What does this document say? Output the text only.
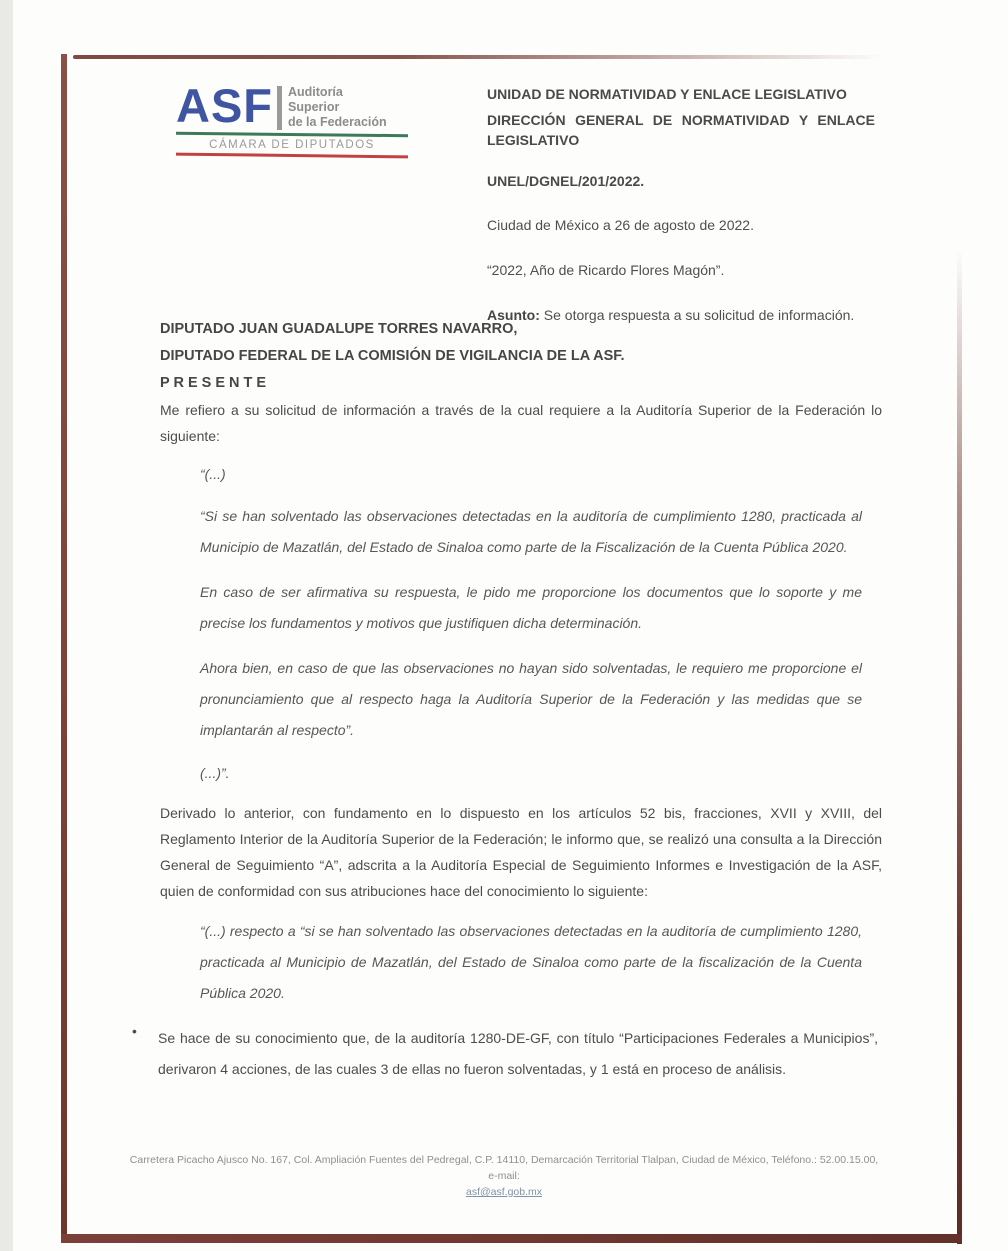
ASF Auditoría
Superior
de la Federación
CÁMARA DE DIPUTADOS
UNIDAD DE NORMATIVIDAD Y ENLACE LEGISLATIVO
DIRECCIÓN GENERAL DE NORMATIVIDAD Y ENLACE LEGISLATIVO
UNEL/DGNEL/201/2022.
Ciudad de México a 26 de agosto de 2022.
“2022, Año de Ricardo Flores Magón”.
Asunto: Se otorga respuesta a su solicitud de información.
DIPUTADO JUAN GUADALUPE TORRES NAVARRO,
DIPUTADO FEDERAL DE LA COMISIÓN DE VIGILANCIA DE LA ASF.
P R E S E N T E

Me refiero a su solicitud de información a través de la cual requiere a la Auditoría Superior de la Federación lo siguiente:

“(...)

“Si se han solventado las observaciones detectadas en la auditoría de cumplimiento 1280, practicada al Municipio de Mazatlán, del Estado de Sinaloa como parte de la Fiscalización de la Cuenta Pública 2020.

En caso de ser afirmativa su respuesta, le pido me proporcione los documentos que lo soporte y me precise los fundamentos y motivos que justifiquen dicha determinación.

Ahora bien, en caso de que las observaciones no hayan sido solventadas, le requiero me proporcione el pronunciamiento que al respecto haga la Auditoría Superior de la Federación y las medidas que se implantarán al respecto”.

(...)”.

Derivado lo anterior, con fundamento en lo dispuesto en los artículos 52 bis, fracciones, XVII y XVIII, del Reglamento Interior de la Auditoría Superior de la Federación; le informo que, se realizó una consulta a la Dirección General de Seguimiento “A”, adscrita a la Auditoría Especial de Seguimiento Informes e Investigación de la ASF, quien de conformidad con sus atribuciones hace del conocimiento lo siguiente:

“(...) respecto a “si se han solventado las observaciones detectadas en la auditoría de cumplimiento 1280, practicada al Municipio de Mazatlán, del Estado de Sinaloa como parte de la fiscalización de la Cuenta Pública 2020.

•	Se hace de su conocimiento que, de la auditoría 1280-DE-GF, con título “Participaciones Federales a Municipios”, derivaron 4 acciones, de las cuales 3 de ellas no fueron solventadas, y 1 está en proceso de análisis.
Carretera Picacho Ajusco No. 167, Col. Ampliación Fuentes del Pedregal, C.P. 14110, Demarcación Territorial Tlalpan, Ciudad de México, Teléfono.: 52.00.15.00, e-mail:
asf@asf.gob.mx
